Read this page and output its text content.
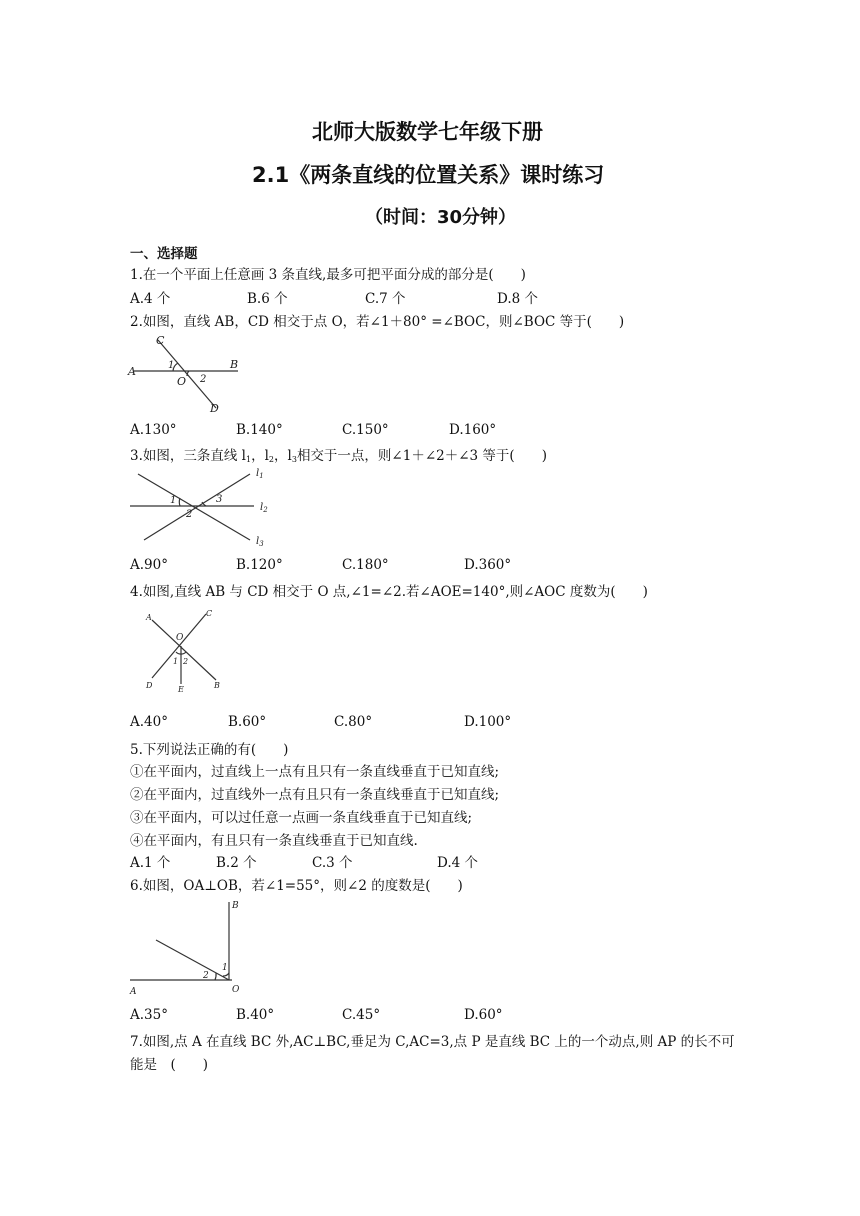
北师大版数学七年级下册
2.1《两条直线的位置关系》课时练习
（时间：30分钟）
一、选择题
1.在一个平面上任意画 3 条直线,最多可把平面分成的部分是(　　)
A.4 个	B.6 个	C.7 个	D.8 个
2.如图，直线 AB，CD 相交于点 O，若∠1＋80° =∠BOC，则∠BOC 等于(　　)
C
A
B
O
1
2
D
A.130°	B.140°	C.150°	D.160°
3.如图，三条直线 $l_1$，$l_2$，$l_3$相交于一点，则∠1＋∠2＋∠3 等于(　　)
1
2
3
$l_1$
$l_2$
$l_3$
A.90°	B.120°	C.180°	D.360°
4.如图,直线 AB 与 CD 相交于 O 点,∠1=∠2.若∠AOE=140°,则∠AOC 度数为(　　)
A	C
O
1 2
D	E	B
A.40°	B.60°	C.80°	D.100°
5.下列说法正确的有(　　)
①在平面内，过直线上一点有且只有一条直线垂直于已知直线;
②在平面内，过直线外一点有且只有一条直线垂直于已知直线;
③在平面内，可以过任意一点画一条直线垂直于已知直线;
④在平面内，有且只有一条直线垂直于已知直线.
A.1 个	B.2 个	C.3 个	D.4 个
6.如图，OA⊥OB，若∠1=55°，则∠2 的度数是(　　)
B
1
2
A	O
A.35°	B.40°	C.45°	D.60°
7.如图,点 A 在直线 BC 外,AC⊥BC,垂足为 C,AC=3,点 P 是直线 BC 上的一个动点,则 AP 的长不可
能是　(　　)
